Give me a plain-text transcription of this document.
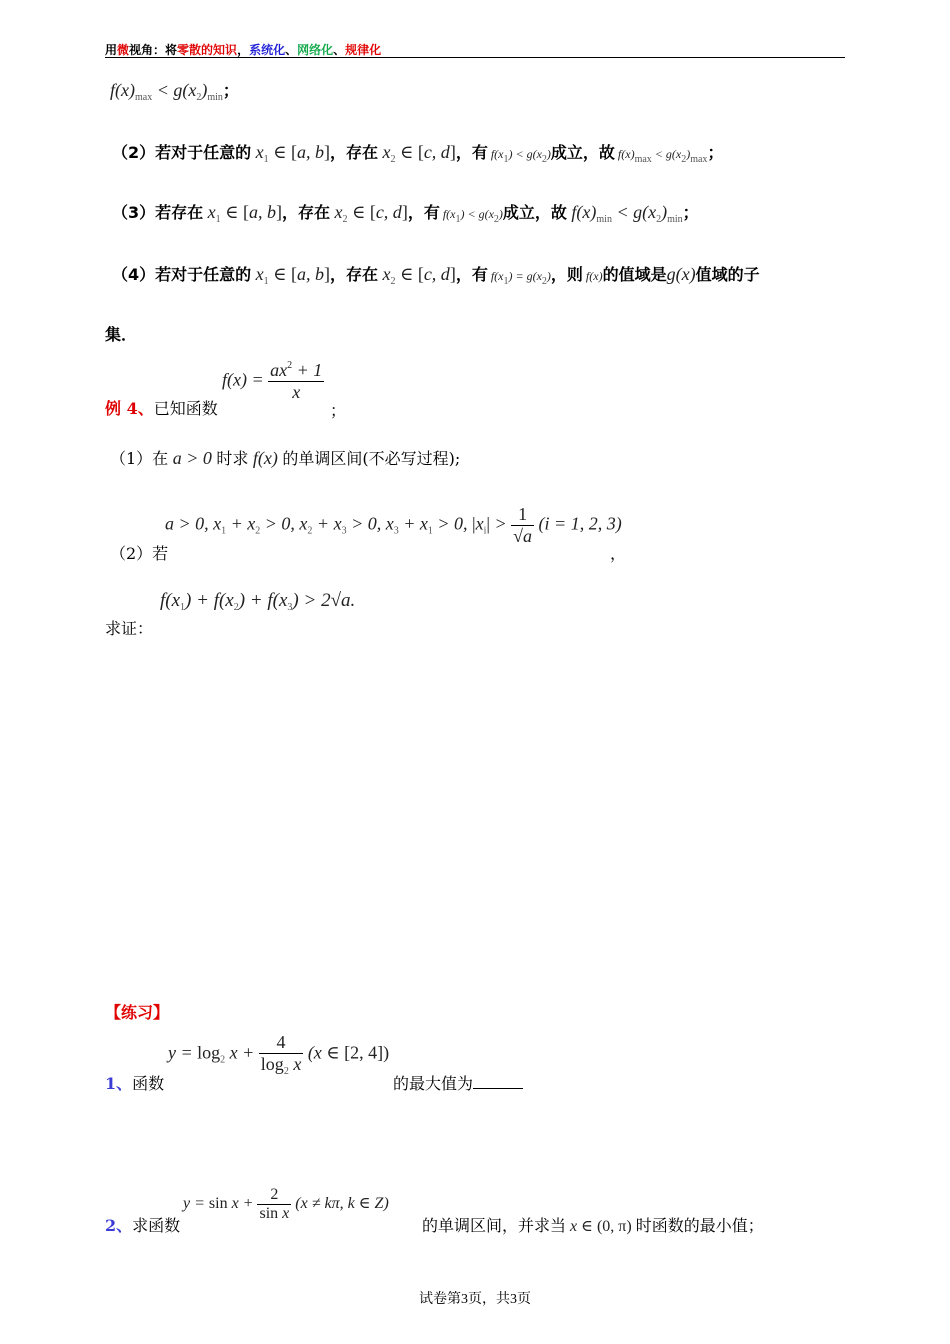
用微视角：将零散的知识，系统化、网络化、规律化
$f(x)_{max} < g(x_2)_{min}$；
（2）若对于任意的 $x_1$ ∈ [a, b]，存在 $x_2$ ∈ [c, d]，有 $f(x_1) < g(x_2)$成立，故 $f(x)_{max} < g(x_2)_{max}$；
（3）若存在 $x_1$ ∈ [a, b]，存在 $x_2$ ∈ [c, d]，有 $f(x_1) < g(x_2)$成立，故 $f(x)_{min} < g(x_2)_{min}$；
（4）若对于任意的 $x_1$ ∈ [a, b]，存在 $x_2$ ∈ [c, d]，有 $f(x_1) = g(x_2)$，则 f(x)的值域是g(x)值域的子
集．
例 4、已知函数
$f(x) = \frac{ax^2 + 1}{x}$
；
（1）在 a > 0 时求 f(x) 的单调区间(不必写过程);
（2）若
a > 0, $x_1 + x_2 > 0$, $x_2 + x_3 > 0$, $x_3 + x_1 > 0$, $|x_i| > \frac{1}{√a} (i = 1$, 2, 3)
，
$f(x_1) + f(x_2) + f(x_3) > 2√a$.
求证：
【练习】
1、函数
$y = \log_2 x + \frac{4}{\log_2 x} (x$ ∈ [2, 4])
的最大值为
2、求函数
$y = \sin x + \frac{2}{\text{sin x}} (x \ne k\pi$, k ∈ Z)
的单调区间，并求当 x ∈ (0, π) 时函数的最小值；
试卷第3页，共3页
